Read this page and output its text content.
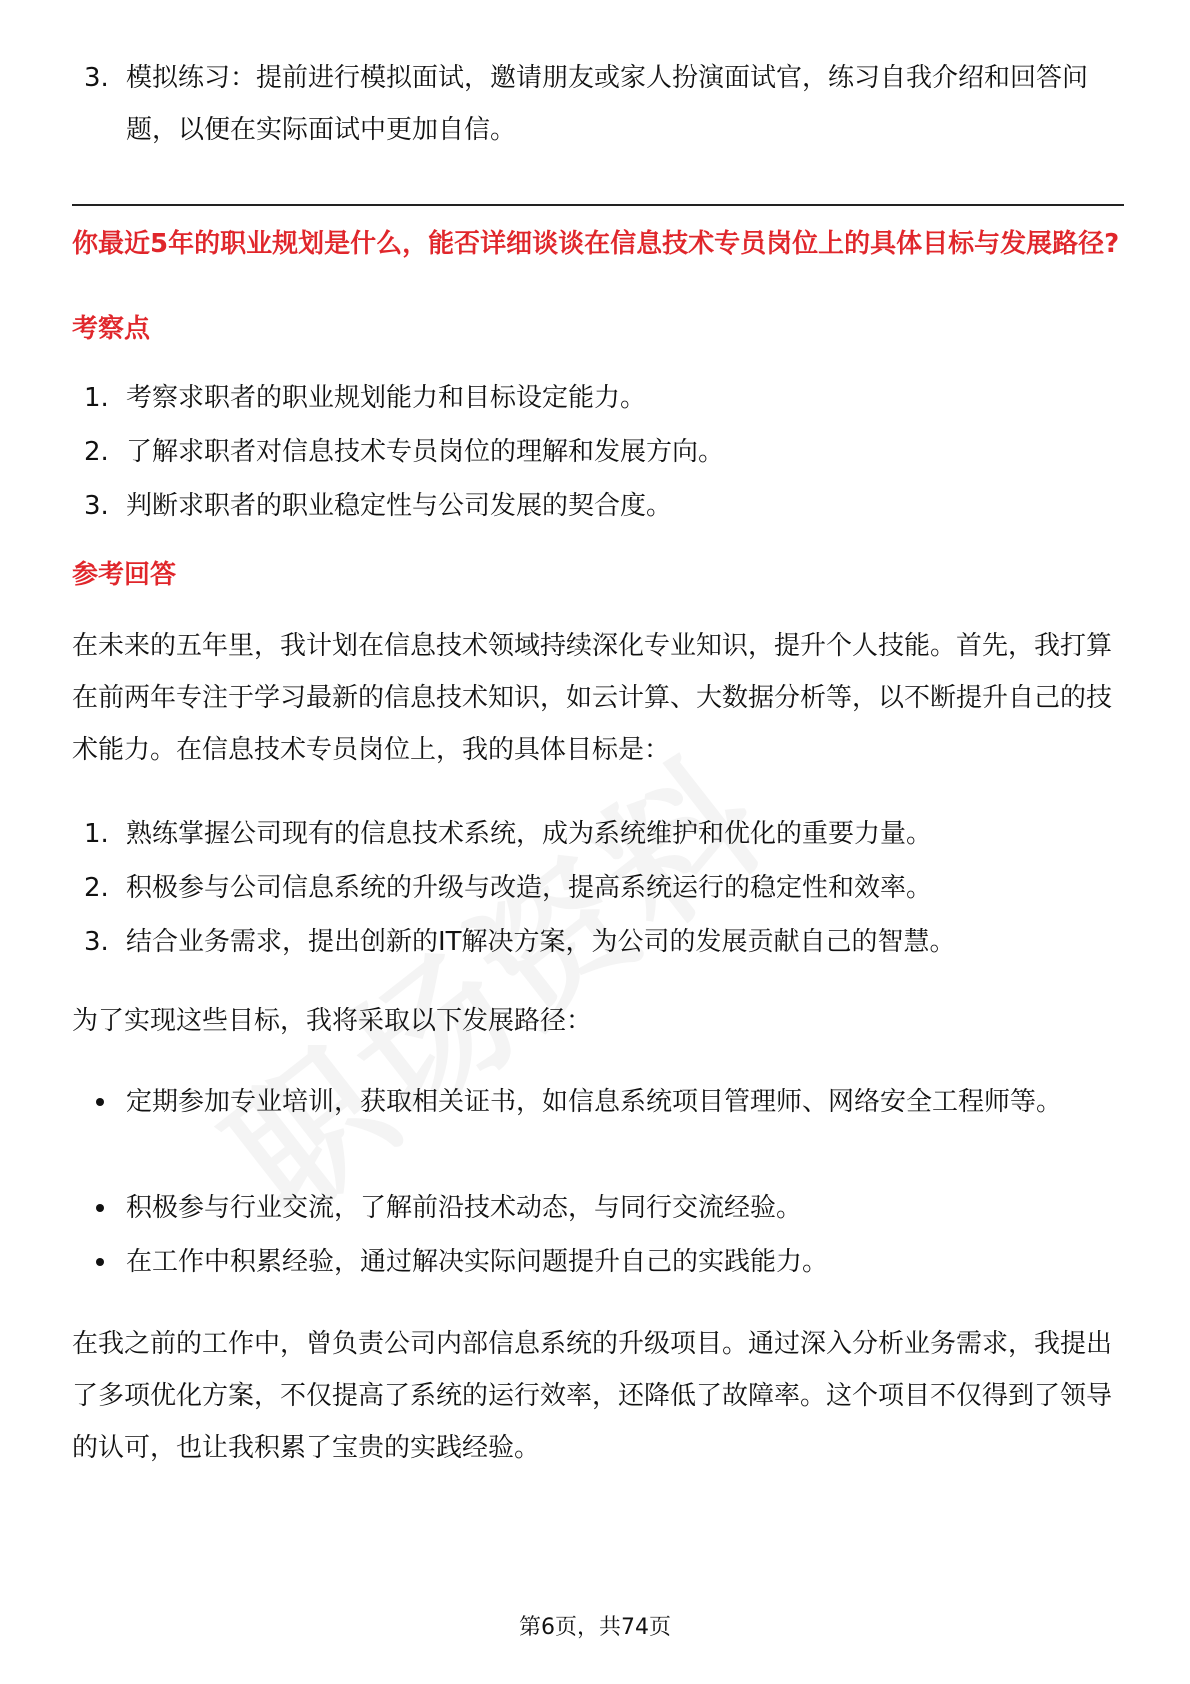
3. 模拟练习：提前进行模拟面试，邀请朋友或家人扮演面试官，练习自我介绍和回答问题，以便在实际面试中更加自信。
你最近5年的职业规划是什么，能否详细谈谈在信息技术专员岗位上的具体目标与发展路径?
考察点
1. 考察求职者的职业规划能力和目标设定能力。
2. 了解求职者对信息技术专员岗位的理解和发展方向。
3. 判断求职者的职业稳定性与公司发展的契合度。
参考回答
在未来的五年里，我计划在信息技术领域持续深化专业知识，提升个人技能。首先，我打算在前两年专注于学习最新的信息技术知识，如云计算、大数据分析等，以不断提升自己的技术能力。在信息技术专员岗位上，我的具体目标是：
1. 熟练掌握公司现有的信息技术系统，成为系统维护和优化的重要力量。
2. 积极参与公司信息系统的升级与改造，提高系统运行的稳定性和效率。
3. 结合业务需求，提出创新的IT解决方案，为公司的发展贡献自己的智慧。
为了实现这些目标，我将采取以下发展路径：
定期参加专业培训，获取相关证书，如信息系统项目管理师、网络安全工程师等。
积极参与行业交流，了解前沿技术动态，与同行交流经验。
在工作中积累经验，通过解决实际问题提升自己的实践能力。
在我之前的工作中，曾负责公司内部信息系统的升级项目。通过深入分析业务需求，我提出了多项优化方案，不仅提高了系统的运行效率，还降低了故障率。这个项目不仅得到了领导的认可，也让我积累了宝贵的实践经验。
第6页，共74页
